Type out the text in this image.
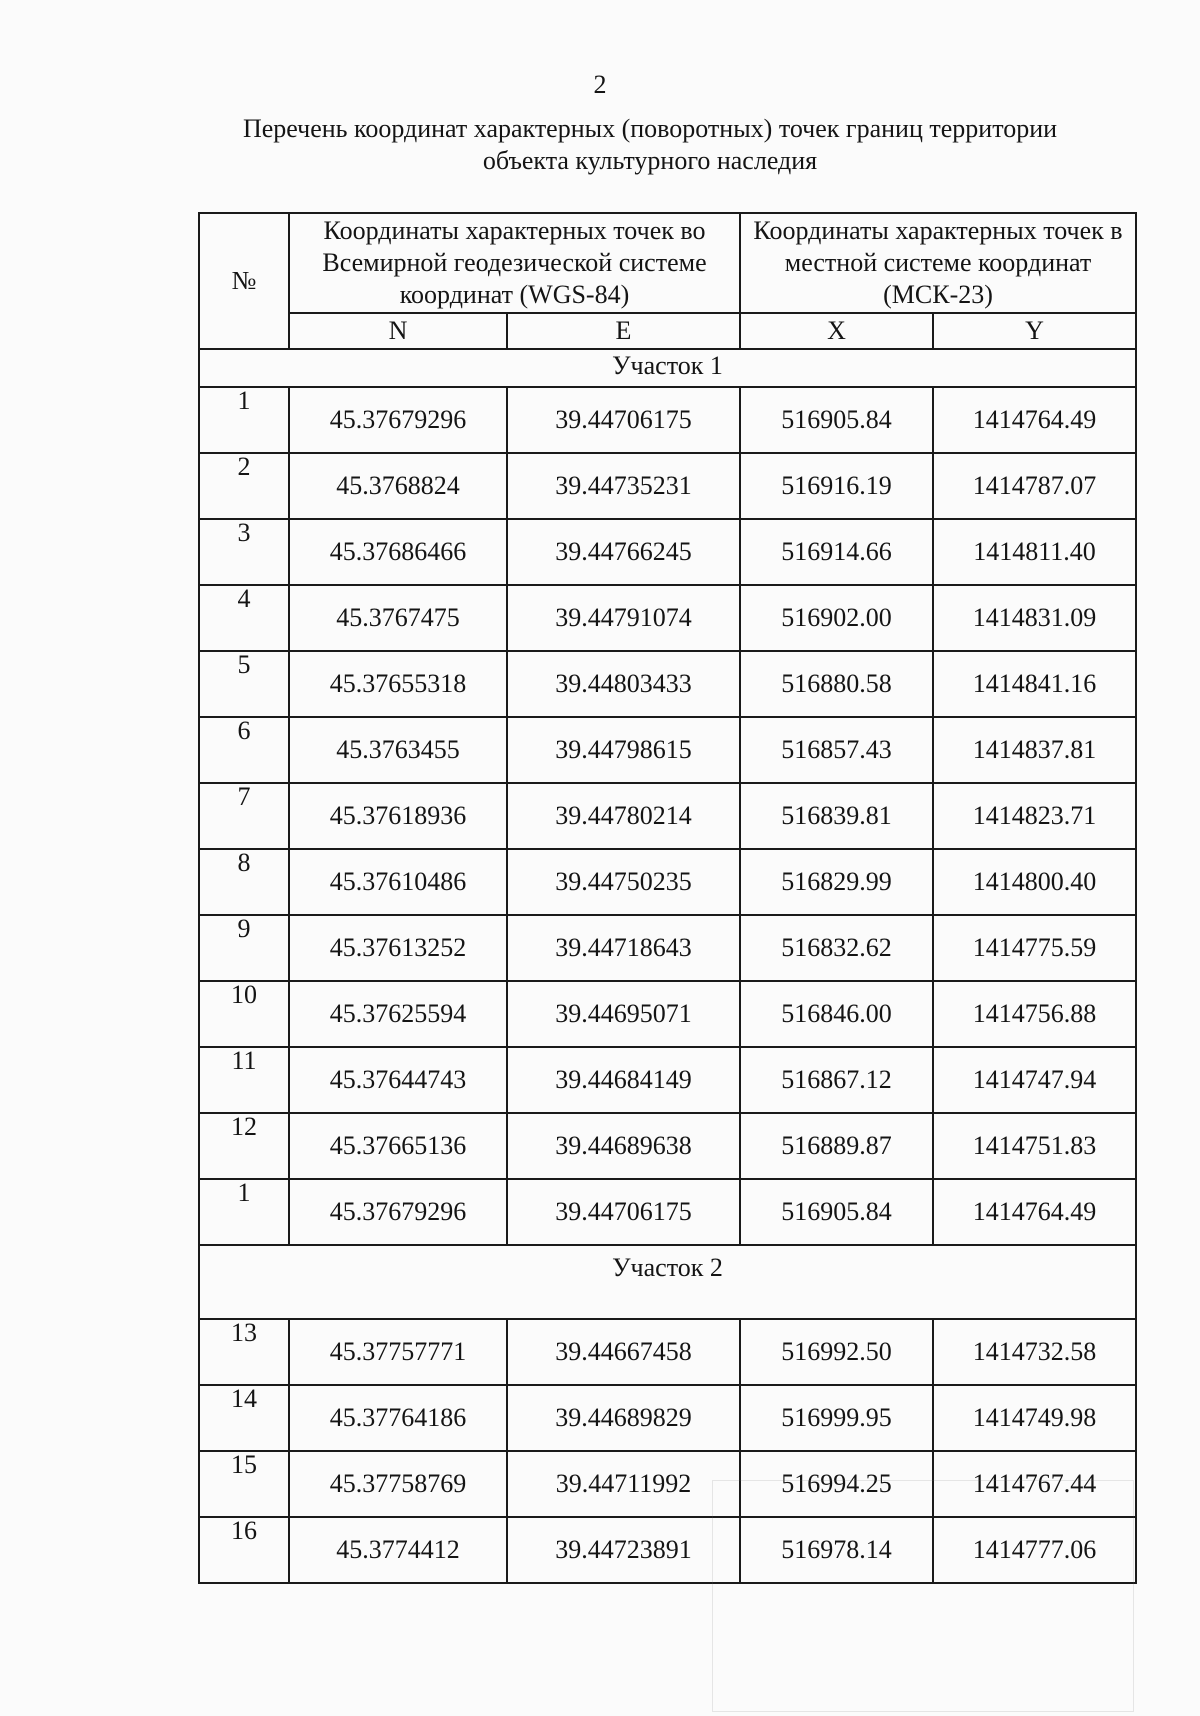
2
Перечень координат характерных (поворотных) точек границ территории
объекта культурного наследия
№	Координаты характерных точек во Всемирной геодезической системе координат (WGS-84)		Координаты характерных точек в местной системе координат (МСК-23)	
	N	E	X	Y
Участок 1				
1	45.37679296	39.44706175	516905.84	1414764.49
2	45.3768824	39.44735231	516916.19	1414787.07
3	45.37686466	39.44766245	516914.66	1414811.40
4	45.3767475	39.44791074	516902.00	1414831.09
5	45.37655318	39.44803433	516880.58	1414841.16
6	45.3763455	39.44798615	516857.43	1414837.81
7	45.37618936	39.44780214	516839.81	1414823.71
8	45.37610486	39.44750235	516829.99	1414800.40
9	45.37613252	39.44718643	516832.62	1414775.59
10	45.37625594	39.44695071	516846.00	1414756.88
11	45.37644743	39.44684149	516867.12	1414747.94
12	45.37665136	39.44689638	516889.87	1414751.83
1	45.37679296	39.44706175	516905.84	1414764.49
Участок 2				
13	45.37757771	39.44667458	516992.50	1414732.58
14	45.37764186	39.44689829	516999.95	1414749.98
15	45.37758769	39.44711992	516994.25	1414767.44
16	45.3774412	39.44723891	516978.14	1414777.06
